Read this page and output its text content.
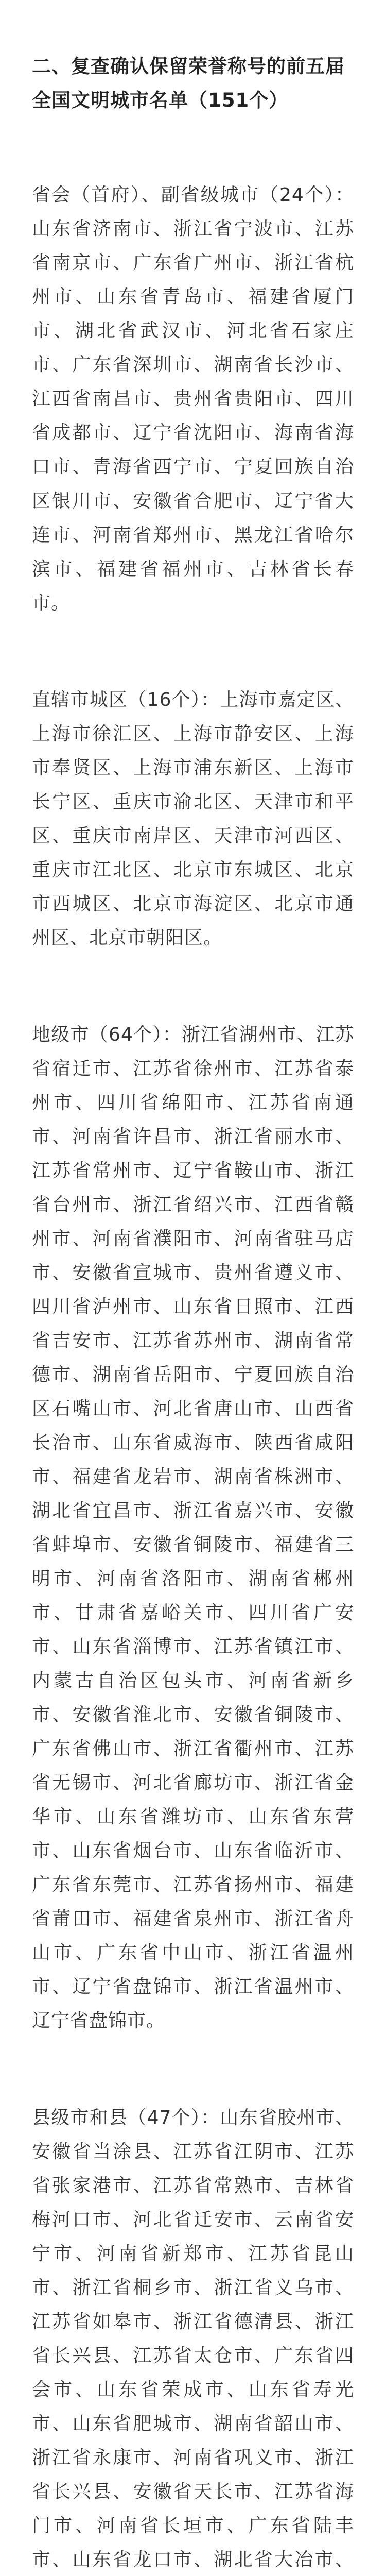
二、复查确认保留荣誉称号的前五届全国文明城市名单（151个）

省会（首府）、副省级城市（24个）：山东省济南市、浙江省宁波市、江苏省南京市、广东省广州市、浙江省杭州市、山东省青岛市、福建省厦门市、湖北省武汉市、河北省石家庄市、广东省深圳市、湖南省长沙市、江西省南昌市、贵州省贵阳市、四川省成都市、辽宁省沈阳市、海南省海口市、青海省西宁市、宁夏回族自治区银川市、安徽省合肥市、辽宁省大连市、河南省郑州市、黑龙江省哈尔滨市、福建省福州市、吉林省长春市。

直辖市城区（16个）：上海市嘉定区、上海市徐汇区、上海市静安区、上海市奉贤区、上海市浦东新区、上海市长宁区、重庆市渝北区、天津市和平区、重庆市南岸区、天津市河西区、重庆市江北区、北京市东城区、北京市西城区、北京市海淀区、北京市通州区、北京市朝阳区。

地级市（64个）：浙江省湖州市、江苏省宿迁市、江苏省徐州市、江苏省泰州市、四川省绵阳市、江苏省南通市、河南省许昌市、浙江省丽水市、江苏省常州市、辽宁省鞍山市、浙江省台州市、浙江省绍兴市、江西省赣州市、河南省濮阳市、河南省驻马店市、安徽省宣城市、贵州省遵义市、四川省泸州市、山东省日照市、江西省吉安市、江苏省苏州市、湖南省常德市、湖南省岳阳市、宁夏回族自治区石嘴山市、河北省唐山市、山西省长治市、山东省威海市、陕西省咸阳市、福建省龙岩市、湖南省株洲市、湖北省宜昌市、浙江省嘉兴市、安徽省蚌埠市、安徽省铜陵市、福建省三明市、河南省洛阳市、湖南省郴州市、甘肃省嘉峪关市、四川省广安市、山东省淄博市、江苏省镇江市、内蒙古自治区包头市、河南省新乡市、安徽省淮北市、安徽省铜陵市、广东省佛山市、浙江省衢州市、江苏省无锡市、河北省廊坊市、浙江省金华市、山东省潍坊市、山东省东营市、山东省烟台市、山东省临沂市、广东省东莞市、江苏省扬州市、福建省莆田市、福建省泉州市、浙江省舟山市、广东省中山市、浙江省温州市、辽宁省盘锦市、浙江省温州市、辽宁省盘锦市。

县级市和县（47个）：山东省胶州市、安徽省当涂县、江苏省江阴市、江苏省张家港市、江苏省常熟市、吉林省梅河口市、河北省迁安市、云南省安宁市、河南省新郑市、江苏省昆山市、浙江省桐乡市、浙江省义乌市、江苏省如皋市、浙江省德清县、浙江省长兴县、江苏省太仓市、广东省四会市、山东省荣成市、山东省寿光市、山东省肥城市、湖南省韶山市、浙江省永康市、河南省巩义市、浙江省长兴县、安徽省天长市、江苏省海门市、河南省长垣市、广东省陆丰市、山东省龙口市、湖北省大冶市、
